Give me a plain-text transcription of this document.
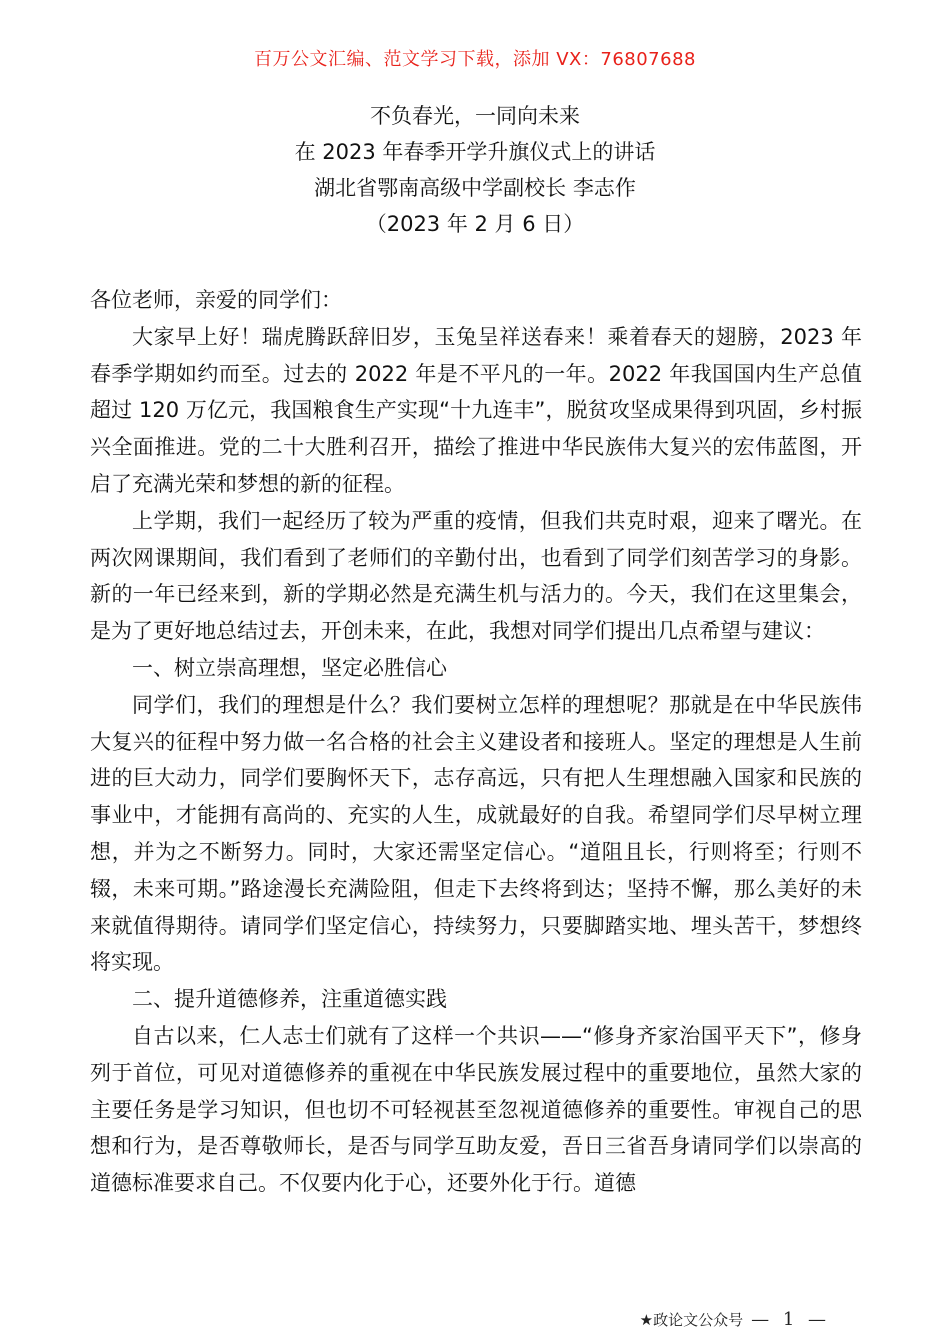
百万公文汇编、范文学习下载，添加 VX：76807688
不负春光，一同向未来
在 2023 年春季开学升旗仪式上的讲话
湖北省鄂南高级中学副校长 李志作
（2023 年 2 月 6 日）

各位老师，亲爱的同学们：

大家早上好！瑞虎腾跃辞旧岁，玉兔呈祥送春来！乘着春天的翅膀，2023 年春季学期如约而至。过去的 2022 年是不平凡的一年。2022 年我国国内生产总值超过 120 万亿元，我国粮食生产实现“十九连丰”，脱贫攻坚成果得到巩固，乡村振兴全面推进。党的二十大胜利召开，描绘了推进中华民族伟大复兴的宏伟蓝图，开启了充满光荣和梦想的新的征程。

上学期，我们一起经历了较为严重的疫情，但我们共克时艰，迎来了曙光。在两次网课期间，我们看到了老师们的辛勤付出，也看到了同学们刻苦学习的身影。新的一年已经来到，新的学期必然是充满生机与活力的。今天，我们在这里集会，是为了更好地总结过去，开创未来，在此，我想对同学们提出几点希望与建议：

一、树立崇高理想，坚定必胜信心

同学们，我们的理想是什么？我们要树立怎样的理想呢？那就是在中华民族伟大复兴的征程中努力做一名合格的社会主义建设者和接班人。坚定的理想是人生前进的巨大动力，同学们要胸怀天下，志存高远，只有把人生理想融入国家和民族的事业中，才能拥有高尚的、充实的人生，成就最好的自我。希望同学们尽早树立理想，并为之不断努力。同时，大家还需坚定信心。“道阻且长，行则将至；行则不辍，未来可期。”路途漫长充满险阻，但走下去终将到达；坚持不懈，那么美好的未来就值得期待。请同学们坚定信心，持续努力，只要脚踏实地、埋头苦干，梦想终将实现。

二、提升道德修养，注重道德实践

自古以来，仁人志士们就有了这样一个共识——“修身齐家治国平天下”，修身列于首位，可见对道德修养的重视在中华民族发展过程中的重要地位，虽然大家的主要任务是学习知识，但也切不可轻视甚至忽视道德修养的重要性。审视自己的思想和行为，是否尊敬师长，是否与同学互助友爱，吾日三省吾身请同学们以崇高的道德标准要求自己。不仅要内化于心，还要外化于行。道德

★政论文公众号 — 1 —
